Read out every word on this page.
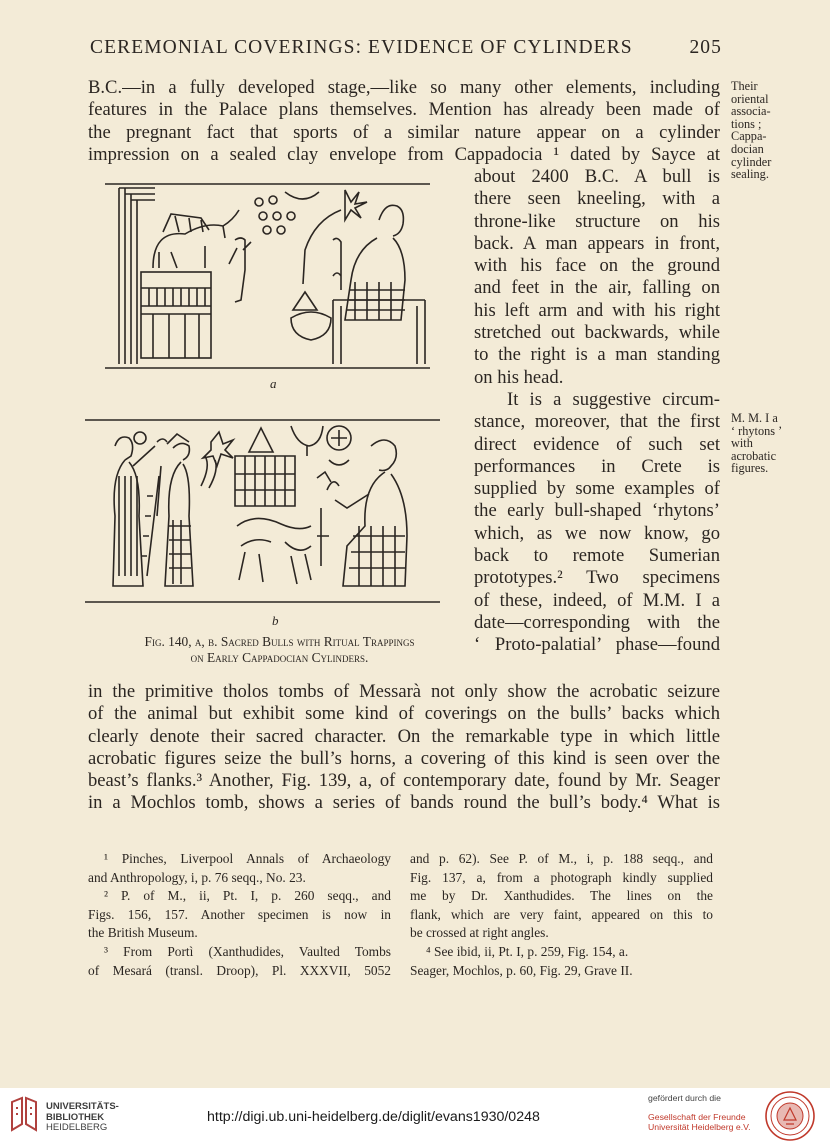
CEREMONIAL COVERINGS: EVIDENCE OF CYLINDERS	205
B.C.—in a fully developed stage,—like so many other elements, including
features in the Palace plans themselves. Mention has already been made of
the pregnant fact that sports of a similar nature appear on a cylinder
impression on a sealed clay envelope from Cappadocia ¹ dated by Sayce at
about 2400 B.C. A bull is
there seen kneeling, with a
throne-like structure on his
back. A man appears in front,
with his face on the ground
and feet in the air, falling on
his left arm and with his right
stretched out backwards, while
to the right is a man standing
on his head.
It is a suggestive circum-
stance, moreover, that the first
direct evidence of such set
performances in Crete is
supplied by some examples of
the early bull-shaped ‘rhytons’
which, as we now know, go
back to remote Sumerian
prototypes.² Two specimens
of these, indeed, of M.M. I a
date—corresponding with the
‘ Proto-palatial’ phase—found
Their
oriental
associa-
tions ;
Cappa-
docian
cylinder
sealing.
M. M. I a
‘ rhytons ’
with
acrobatic
figures.
a
b
Fig. 140, a, b. Sacred Bulls with Ritual Trappings
on Early Cappadocian Cylinders.
in the primitive tholos tombs of Messarà not only show the acrobatic seizure
of the animal but exhibit some kind of coverings on the bulls’ backs which
clearly denote their sacred character. On the remarkable type in which little
acrobatic figures seize the bull’s horns, a covering of this kind is seen over the
beast’s flanks.³ Another, Fig. 139, a, of contemporary date, found by Mr. Seager
in a Mochlos tomb, shows a series of bands round the bull’s body.⁴ What is
¹ Pinches, Liverpool Annals of Archaeology
and Anthropology, i, p. 76 seqq., No. 23.
² P. of M., ii, Pt. I, p. 260 seqq., and
Figs. 156, 157. Another specimen is now in
the British Museum.
³ From Portì (Xanthudides, Vaulted Tombs
of Mesará (transl. Droop), Pl. XXXVII, 5052
and p. 62). See P. of M., i, p. 188 seqq., and
Fig. 137, a, from a photograph kindly supplied
me by Dr. Xanthudides. The lines on the
flank, which are very faint, appeared on this to
be crossed at right angles.
⁴ See ibid, ii, Pt. I, p. 259, Fig. 154, a.
Seager, Mochlos, p. 60, Fig. 29, Grave II.
UNIVERSITÄTS-
BIBLIOTHEK
HEIDELBERG
http://digi.ub.uni-heidelberg.de/diglit/evans1930/0248
gefördert durch die
Gesellschaft der Freunde
Universität Heidelberg e.V.
